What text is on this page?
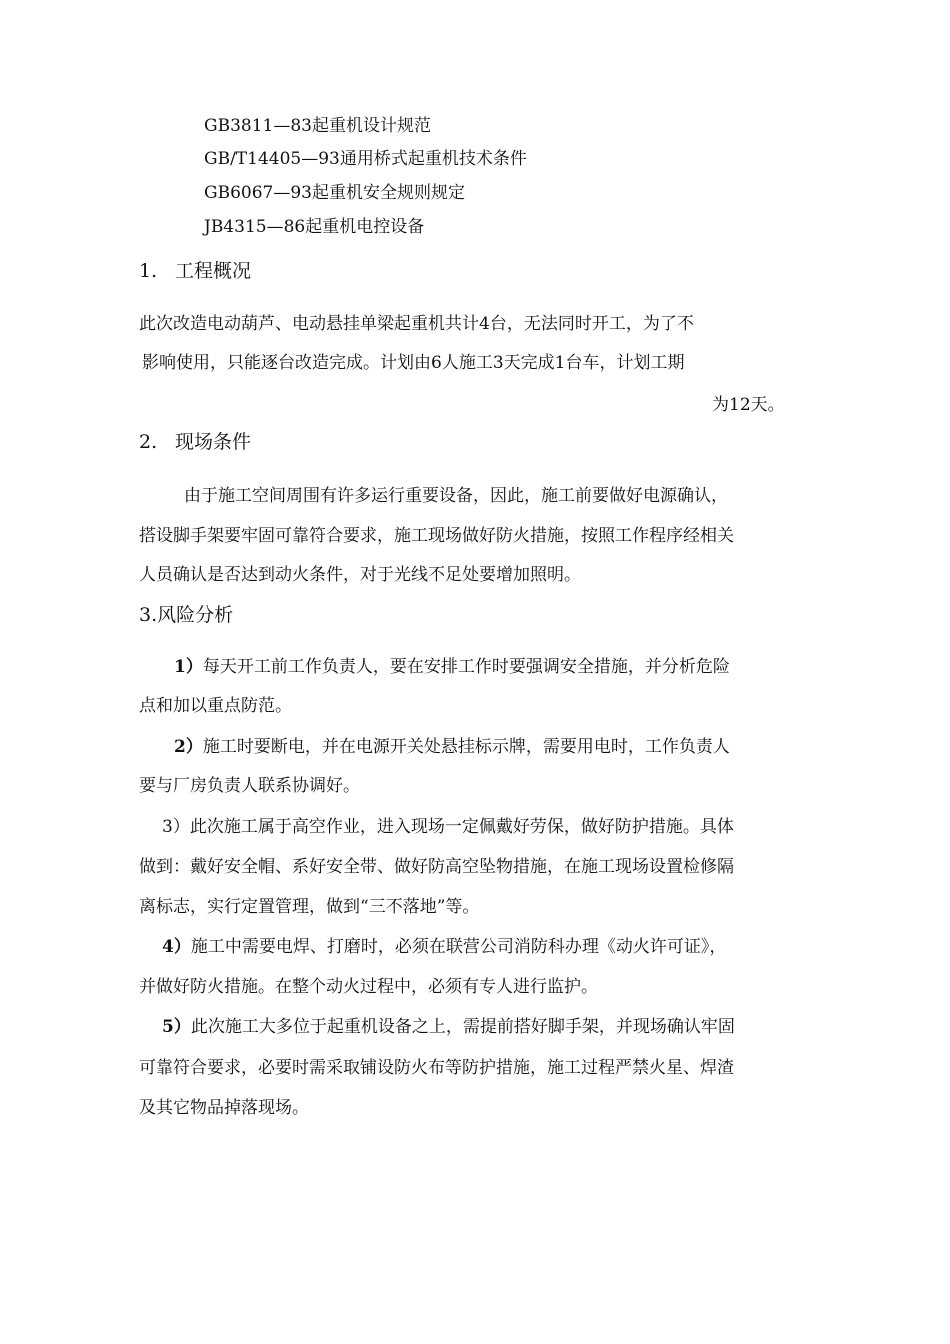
GB3811—83起重机设计规范
GB/T14405—93通用桥式起重机技术条件
GB6067—93起重机安全规则规定
JB4315—86起重机电控设备
1. 工程概况
此次改造电动葫芦、电动悬挂单梁起重机共计4台，无法同时开工，为了不
影响使用，只能逐台改造完成。计划由6人施工3天完成1台车，计划工期
为12天。
2. 现场条件
由于施工空间周围有许多运行重要设备，因此，施工前要做好电源确认，
搭设脚手架要牢固可靠符合要求，施工现场做好防火措施，按照工作程序经相关
人员确认是否达到动火条件，对于光线不足处要增加照明。
3.风险分析
1）每天开工前工作负责人，要在安排工作时要强调安全措施，并分析危险
点和加以重点防范。
2）施工时要断电，并在电源开关处悬挂标示牌，需要用电时，工作负责人
要与厂房负责人联系协调好。
3）此次施工属于高空作业，进入现场一定佩戴好劳保，做好防护措施。具体
做到：戴好安全帽、系好安全带、做好防高空坠物措施，在施工现场设置检修隔
离标志，实行定置管理，做到“三不落地”等。
4）施工中需要电焊、打磨时，必须在联营公司消防科办理《动火许可证》，
并做好防火措施。在整个动火过程中，必须有专人进行监护。
5）此次施工大多位于起重机设备之上，需提前搭好脚手架，并现场确认牢固
可靠符合要求，必要时需采取铺设防火布等防护措施，施工过程严禁火星、焊渣
及其它物品掉落现场。
